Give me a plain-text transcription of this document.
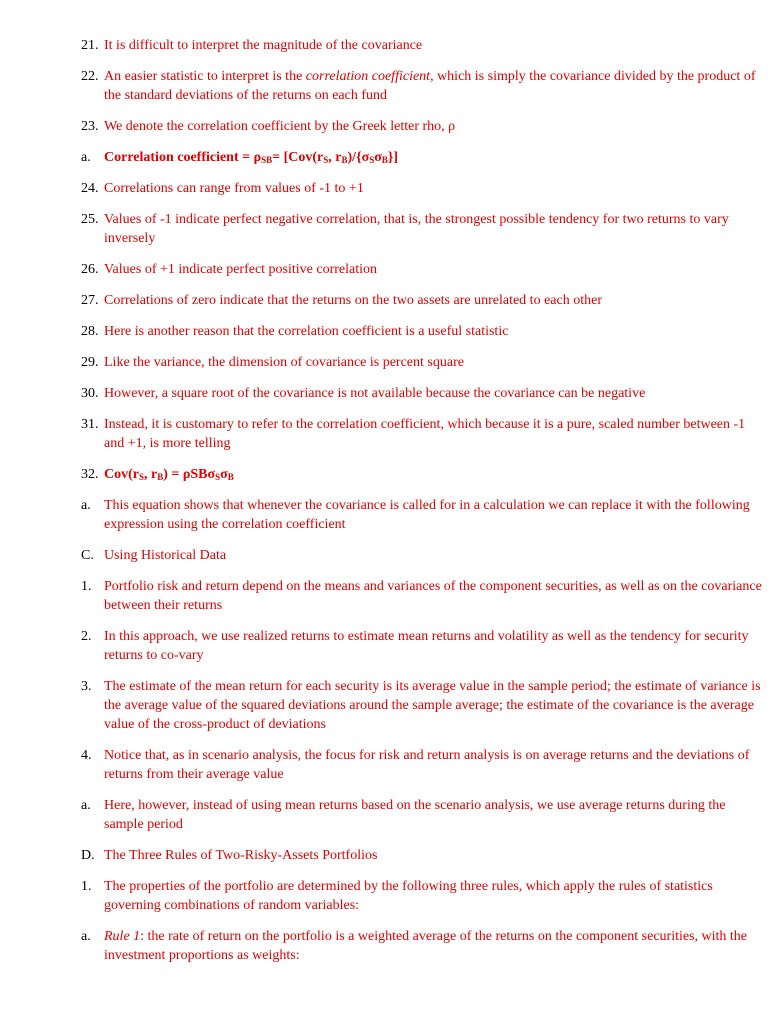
21. It is difficult to interpret the magnitude of the covariance
22. An easier statistic to interpret is the correlation coefficient, which is simply the covariance divided by the product of the standard deviations of the returns on each fund
23. We denote the correlation coefficient by the Greek letter rho, ρ
a. Correlation coefficient = $\rho_{SB}= [Cov(r_S$, $r_B)/\{\sigma_S\sigma_B\}$]
24. Correlations can range from values of -1 to +1
25. Values of -1 indicate perfect negative correlation, that is, the strongest possible tendency for two returns to vary inversely
26. Values of +1 indicate perfect positive correlation
27. Correlations of zero indicate that the returns on the two assets are unrelated to each other
28. Here is another reason that the correlation coefficient is a useful statistic
29. Like the variance, the dimension of covariance is percent square
30. However, a square root of the covariance is not available because the covariance can be negative
31. Instead, it is customary to refer to the correlation coefficient, which because it is a pure, scaled number between -1 and +1, is more telling
32. $Cov(r_S$, $r_B) = \rho SB\sigma_S\sigma_B$
a. This equation shows that whenever the covariance is called for in a calculation we can replace it with the following expression using the correlation coefficient
C. Using Historical Data
1. Portfolio risk and return depend on the means and variances of the component securities, as well as on the covariance between their returns
2. In this approach, we use realized returns to estimate mean returns and volatility as well as the tendency for security returns to co-vary
3. The estimate of the mean return for each security is its average value in the sample period; the estimate of variance is the average value of the squared deviations around the sample average; the estimate of the covariance is the average value of the cross-product of deviations
4. Notice that, as in scenario analysis, the focus for risk and return analysis is on average returns and the deviations of returns from their average value
a. Here, however, instead of using mean returns based on the scenario analysis, we use average returns during the sample period
D. The Three Rules of Two-Risky-Assets Portfolios
1. The properties of the portfolio are determined by the following three rules, which apply the rules of statistics governing combinations of random variables:
a. Rule 1: the rate of return on the portfolio is a weighted average of the returns on the component securities, with the investment proportions as weights:
